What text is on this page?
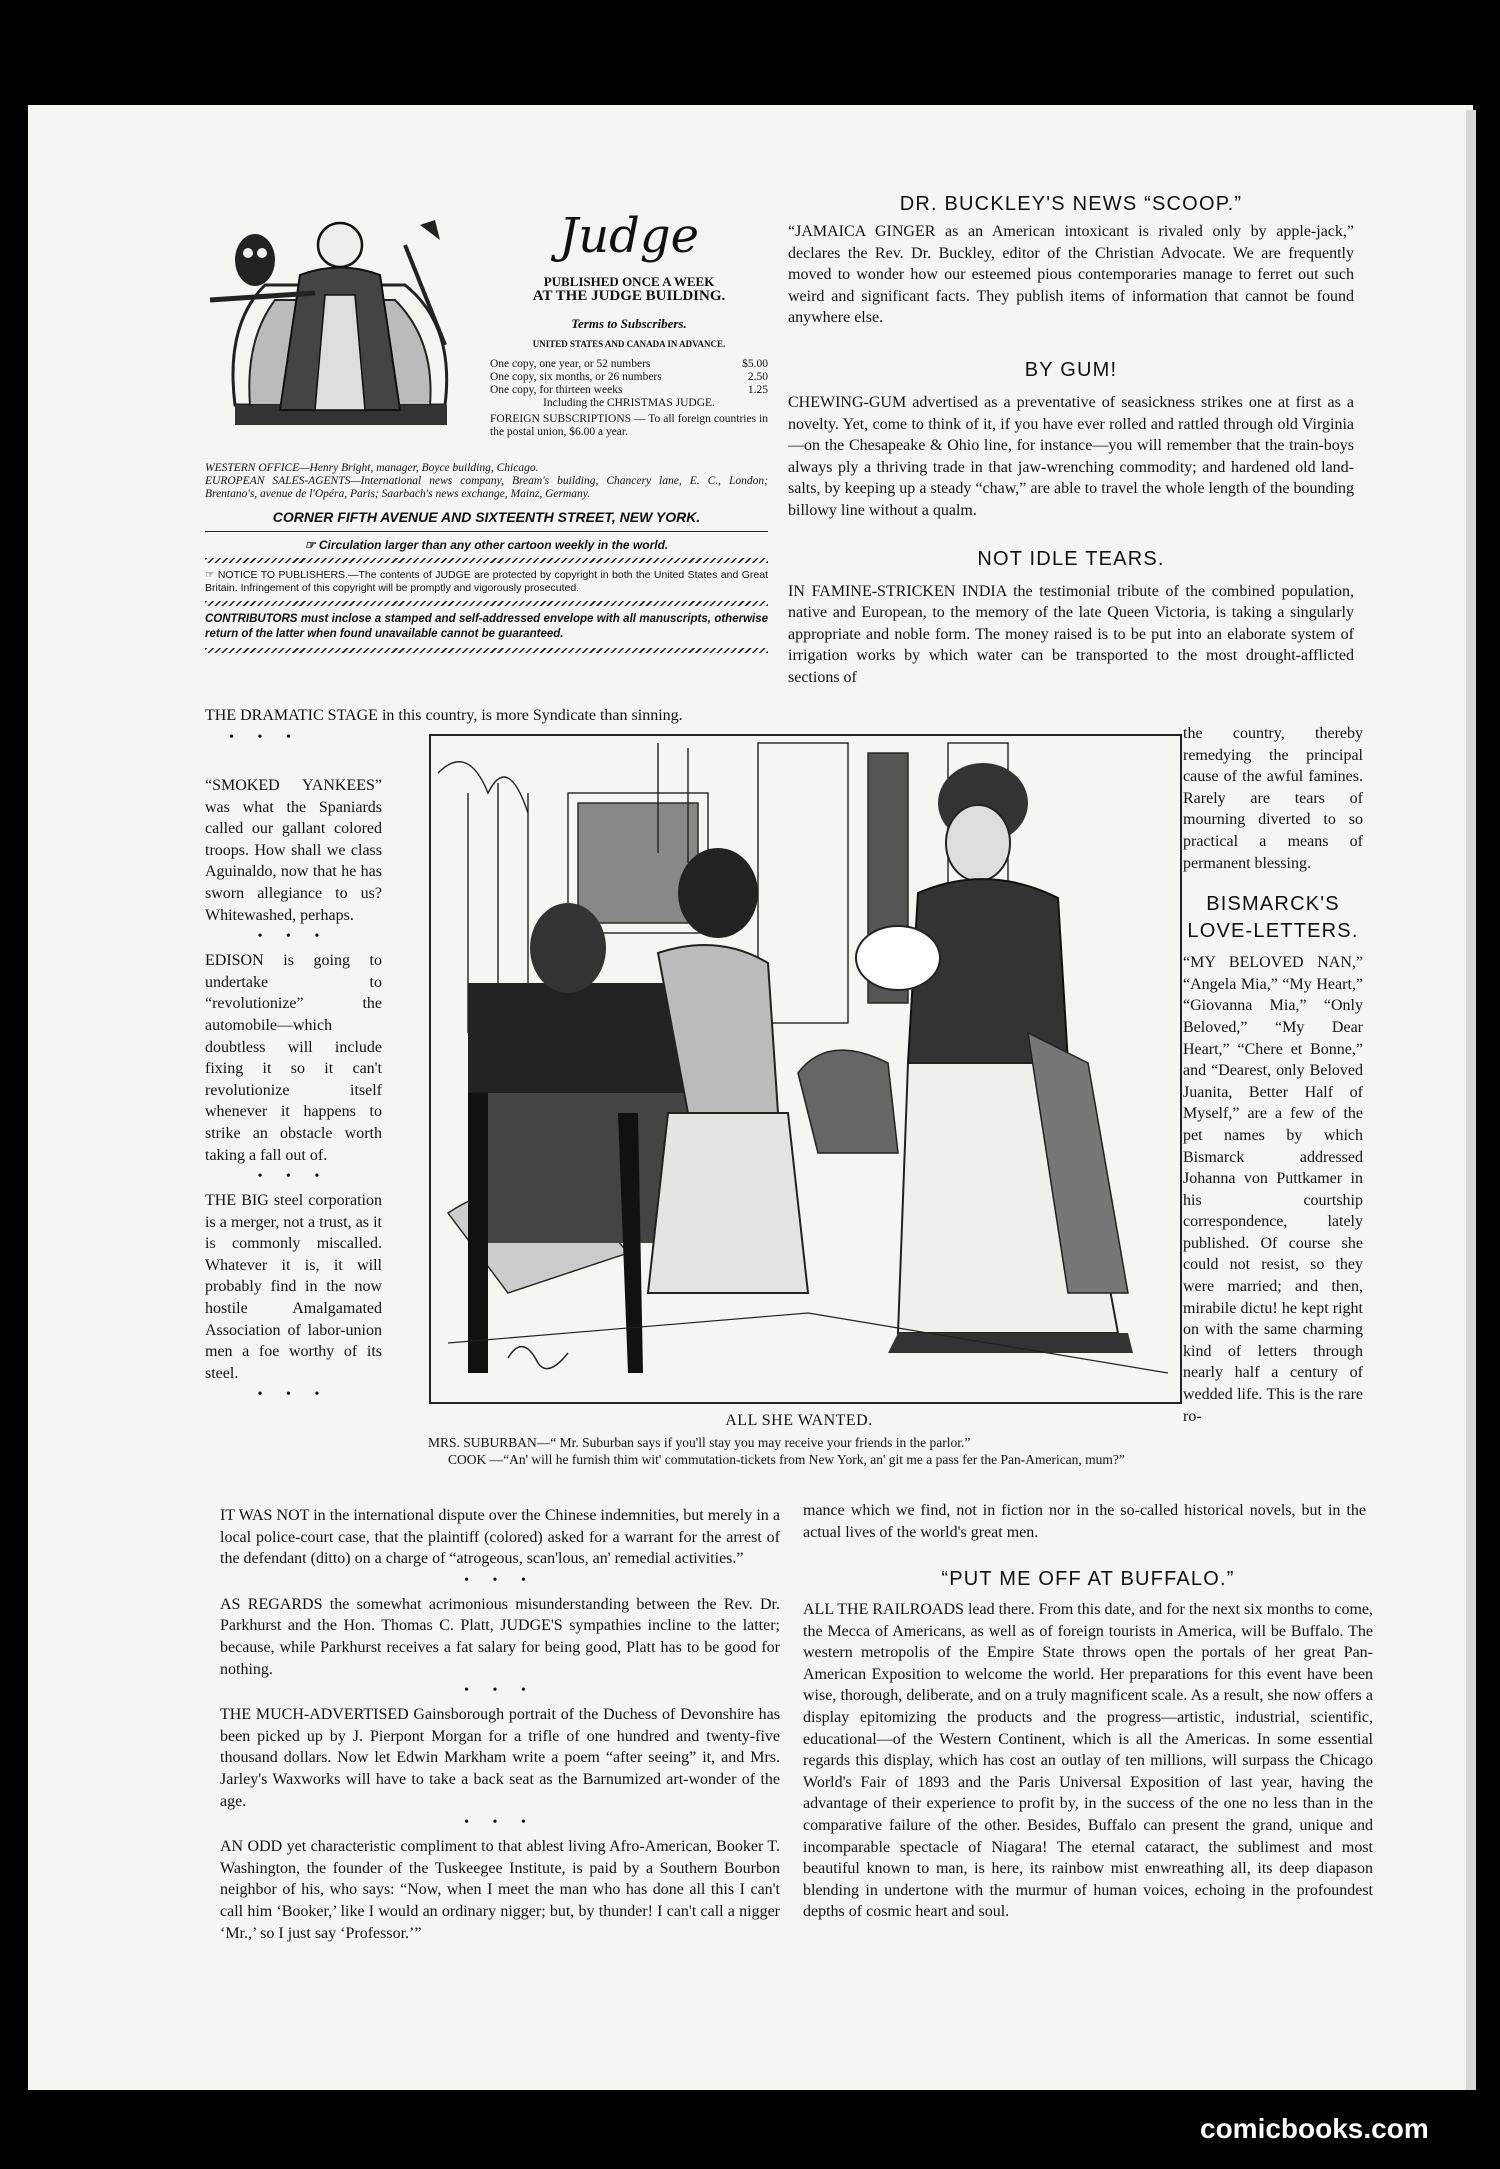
Judge

PUBLISHED ONCE A WEEK

AT THE JUDGE BUILDING.

Terms to Subscribers.

UNITED STATES AND CANADA IN ADVANCE.

One copy, one year, or 52 numbers	$5.00
One copy, six months, or 26 numbers	2.50
One copy, for thirteen weeks	1.25

Including the CHRISTMAS JUDGE.

FOREIGN SUBSCRIPTIONS — To all foreign countries in the postal union, $6.00 a year.

WESTERN OFFICE—Henry Bright, manager, Boyce building, Chicago.

EUROPEAN SALES-AGENTS—International news company, Bream's building, Chancery lane, E. C., London; Brentano's, avenue de l'Opéra, Paris; Saarbach's news exchange, Mainz, Germany.

CORNER FIFTH AVENUE AND SIXTEENTH STREET, NEW YORK.

☞ Circulation larger than any other cartoon weekly in the world.

☞ NOTICE TO PUBLISHERS.—The contents of JUDGE are protected by copyright in both the United States and Great Britain. Infringement of this copyright will be promptly and vigorously prosecuted.

CONTRIBUTORS must inclose a stamped and self-addressed envelope with all manuscripts, otherwise return of the latter when found unavailable cannot be guaranteed.

THE DRAMATIC STAGE in this country, is more Syndicate than sinning.

• • •

“SMOKED YANKEES” was what the Spaniards called our gallant colored troops. How shall we class Aguinaldo, now that he has sworn allegiance to us? Whitewashed, perhaps.

• • •

EDISON is going to undertake to “revolutionize” the automobile—which doubtless will include fixing it so it can't revolutionize itself whenever it happens to strike an obstacle worth taking a fall out of.

• • •

THE BIG steel corporation is a merger, not a trust, as it is commonly miscalled. Whatever it is, it will probably find in the now hostile Amalgamated Association of labor-union men a foe worthy of its steel.

• • •

ALL SHE WANTED.

MRS. SUBURBAN—“ Mr. Suburban says if you'll stay you may receive your friends in the parlor.”

COOK —“An' will he furnish thim wit' commutation-tickets from New York, an' git me a pass fer the Pan-American, mum?”

DR. BUCKLEY'S NEWS “SCOOP.”

“JAMAICA GINGER as an American intoxicant is rivaled only by apple-jack,” declares the Rev. Dr. Buckley, editor of the Christian Advocate. We are frequently moved to wonder how our esteemed pious contemporaries manage to ferret out such weird and significant facts. They publish items of information that cannot be found anywhere else.

BY GUM!

CHEWING-GUM advertised as a preventative of seasickness strikes one at first as a novelty. Yet, come to think of it, if you have ever rolled and rattled through old Virginia—on the Chesapeake & Ohio line, for instance—you will remember that the train-boys always ply a thriving trade in that jaw-wrenching commodity; and hardened old land-salts, by keeping up a steady “chaw,” are able to travel the whole length of the bounding billowy line without a qualm.

NOT IDLE TEARS.

IN FAMINE-STRICKEN INDIA the testimonial tribute of the combined population, native and European, to the memory of the late Queen Victoria, is taking a singularly appropriate and noble form. The money raised is to be put into an elaborate system of irrigation works by which water can be transported to the most drought-afflicted sections of

the country, thereby remedying the principal cause of the awful famines. Rarely are tears of mourning diverted to so practical a means of permanent blessing.

BISMARCK'S

LOVE-LETTERS.

“MY BELOVED NAN,” “Angela Mia,” “My Heart,” “Giovanna Mia,” “Only Beloved,” “My Dear Heart,” “Chere et Bonne,” and “Dearest, only Beloved Juanita, Better Half of Myself,” are a few of the pet names by which Bismarck addressed Johanna von Puttkamer in his courtship correspondence, lately published. Of course she could not resist, so they were married; and then, mirabile dictu! he kept right on with the same charming kind of letters through nearly half a century of wedded life. This is the rare ro-

mance which we find, not in fiction nor in the so-called historical novels, but in the actual lives of the world's great men.

IT WAS NOT in the international dispute over the Chinese indemnities, but merely in a local police-court case, that the plaintiff (colored) asked for a warrant for the arrest of the defendant (ditto) on a charge of “atrogeous, scan'lous, an' remedial activities.”

• • •

AS REGARDS the somewhat acrimonious misunderstanding between the Rev. Dr. Parkhurst and the Hon. Thomas C. Platt, JUDGE'S sympathies incline to the latter; because, while Parkhurst receives a fat salary for being good, Platt has to be good for nothing.

• • •

THE MUCH-ADVERTISED Gainsborough portrait of the Duchess of Devonshire has been picked up by J. Pierpont Morgan for a trifle of one hundred and twenty-five thousand dollars. Now let Edwin Markham write a poem “after seeing” it, and Mrs. Jarley's Waxworks will have to take a back seat as the Barnumized art-wonder of the age.

• • •

AN ODD yet characteristic compliment to that ablest living Afro-American, Booker T. Washington, the founder of the Tuskeegee Institute, is paid by a Southern Bourbon neighbor of his, who says: “Now, when I meet the man who has done all this I can't call him ‘Booker,’ like I would an ordinary nigger; but, by thunder! I can't call a nigger ‘Mr.,’ so I just say ‘Professor.’”

“PUT ME OFF AT BUFFALO.”

ALL THE RAILROADS lead there. From this date, and for the next six months to come, the Mecca of Americans, as well as of foreign tourists in America, will be Buffalo. The western metropolis of the Empire State throws open the portals of her great Pan-American Exposition to welcome the world. Her preparations for this event have been wise, thorough, deliberate, and on a truly magnificent scale. As a result, she now offers a display epitomizing the products and the progress—artistic, industrial, scientific, educational—of the Western Continent, which is all the Americas. In some essential regards this display, which has cost an outlay of ten millions, will surpass the Chicago World's Fair of 1893 and the Paris Universal Exposition of last year, having the advantage of their experience to profit by, in the success of the one no less than in the comparative failure of the other. Besides, Buffalo can present the grand, unique and incomparable spectacle of Niagara! The eternal cataract, the sublimest and most beautiful known to man, is here, its rainbow mist enwreathing all, its deep diapason blending in undertone with the murmur of human voices, echoing in the profoundest depths of cosmic heart and soul.

comicbooks.com
